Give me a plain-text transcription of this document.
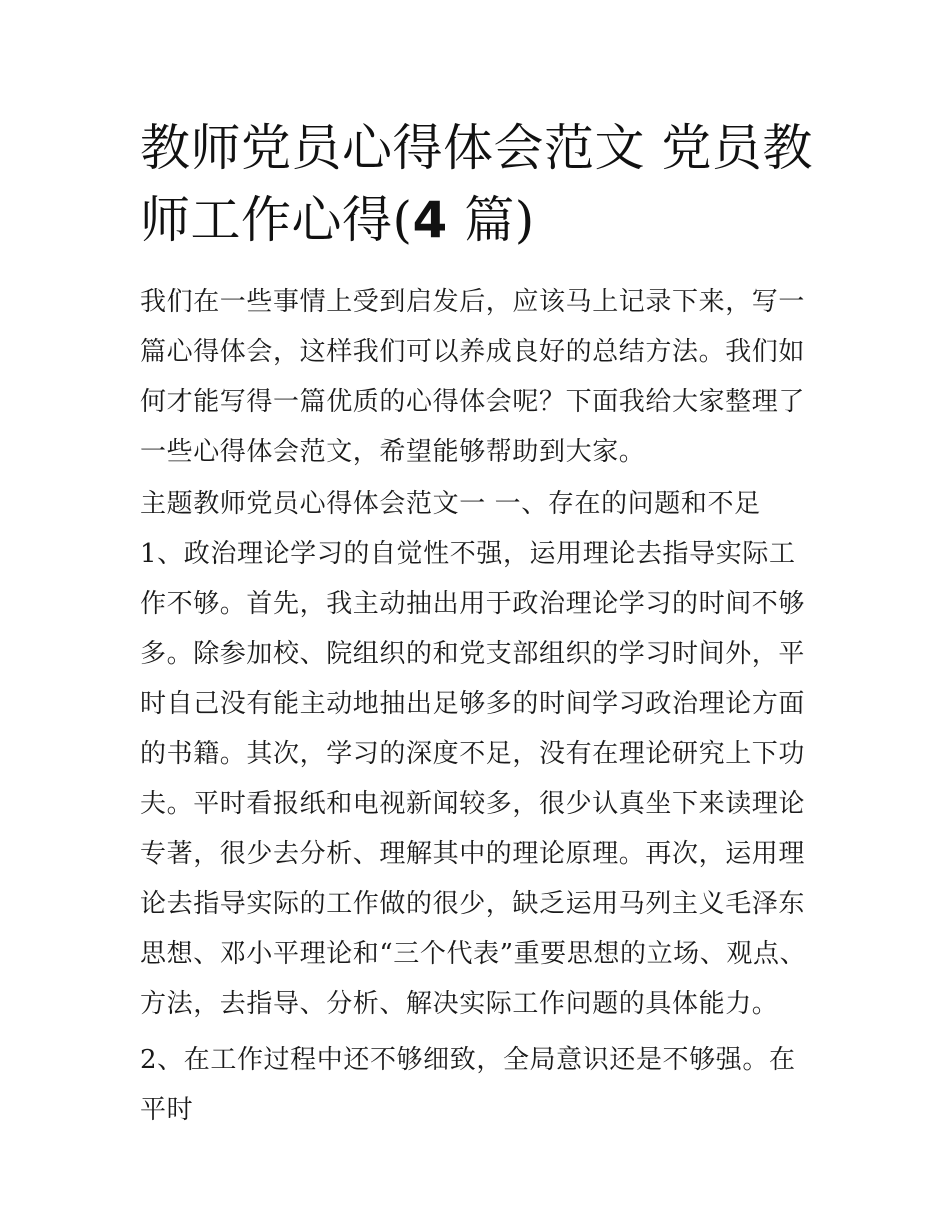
教师党员心得体会范文 党员教师工作心得(4 篇)

我们在一些事情上受到启发后，应该马上记录下来，写一篇心得体会，这样我们可以养成良好的总结方法。我们如何才能写得一篇优质的心得体会呢？下面我给大家整理了一些心得体会范文，希望能够帮助到大家。

主题教师党员心得体会范文一 一、存在的问题和不足

1、政治理论学习的自觉性不强，运用理论去指导实际工作不够。首先，我主动抽出用于政治理论学习的时间不够多。除参加校、院组织的和党支部组织的学习时间外，平时自己没有能主动地抽出足够多的时间学习政治理论方面的书籍。其次，学习的深度不足，没有在理论研究上下功夫。平时看报纸和电视新闻较多，很少认真坐下来读理论专著，很少去分析、理解其中的理论原理。再次，运用理论去指导实际的工作做的很少，缺乏运用马列主义毛泽东思想、邓小平理论和“三个代表”重要思想的立场、观点、方法，去指导、分析、解决实际工作问题的具体能力。

2、在工作过程中还不够细致，全局意识还是不够强。在平时
